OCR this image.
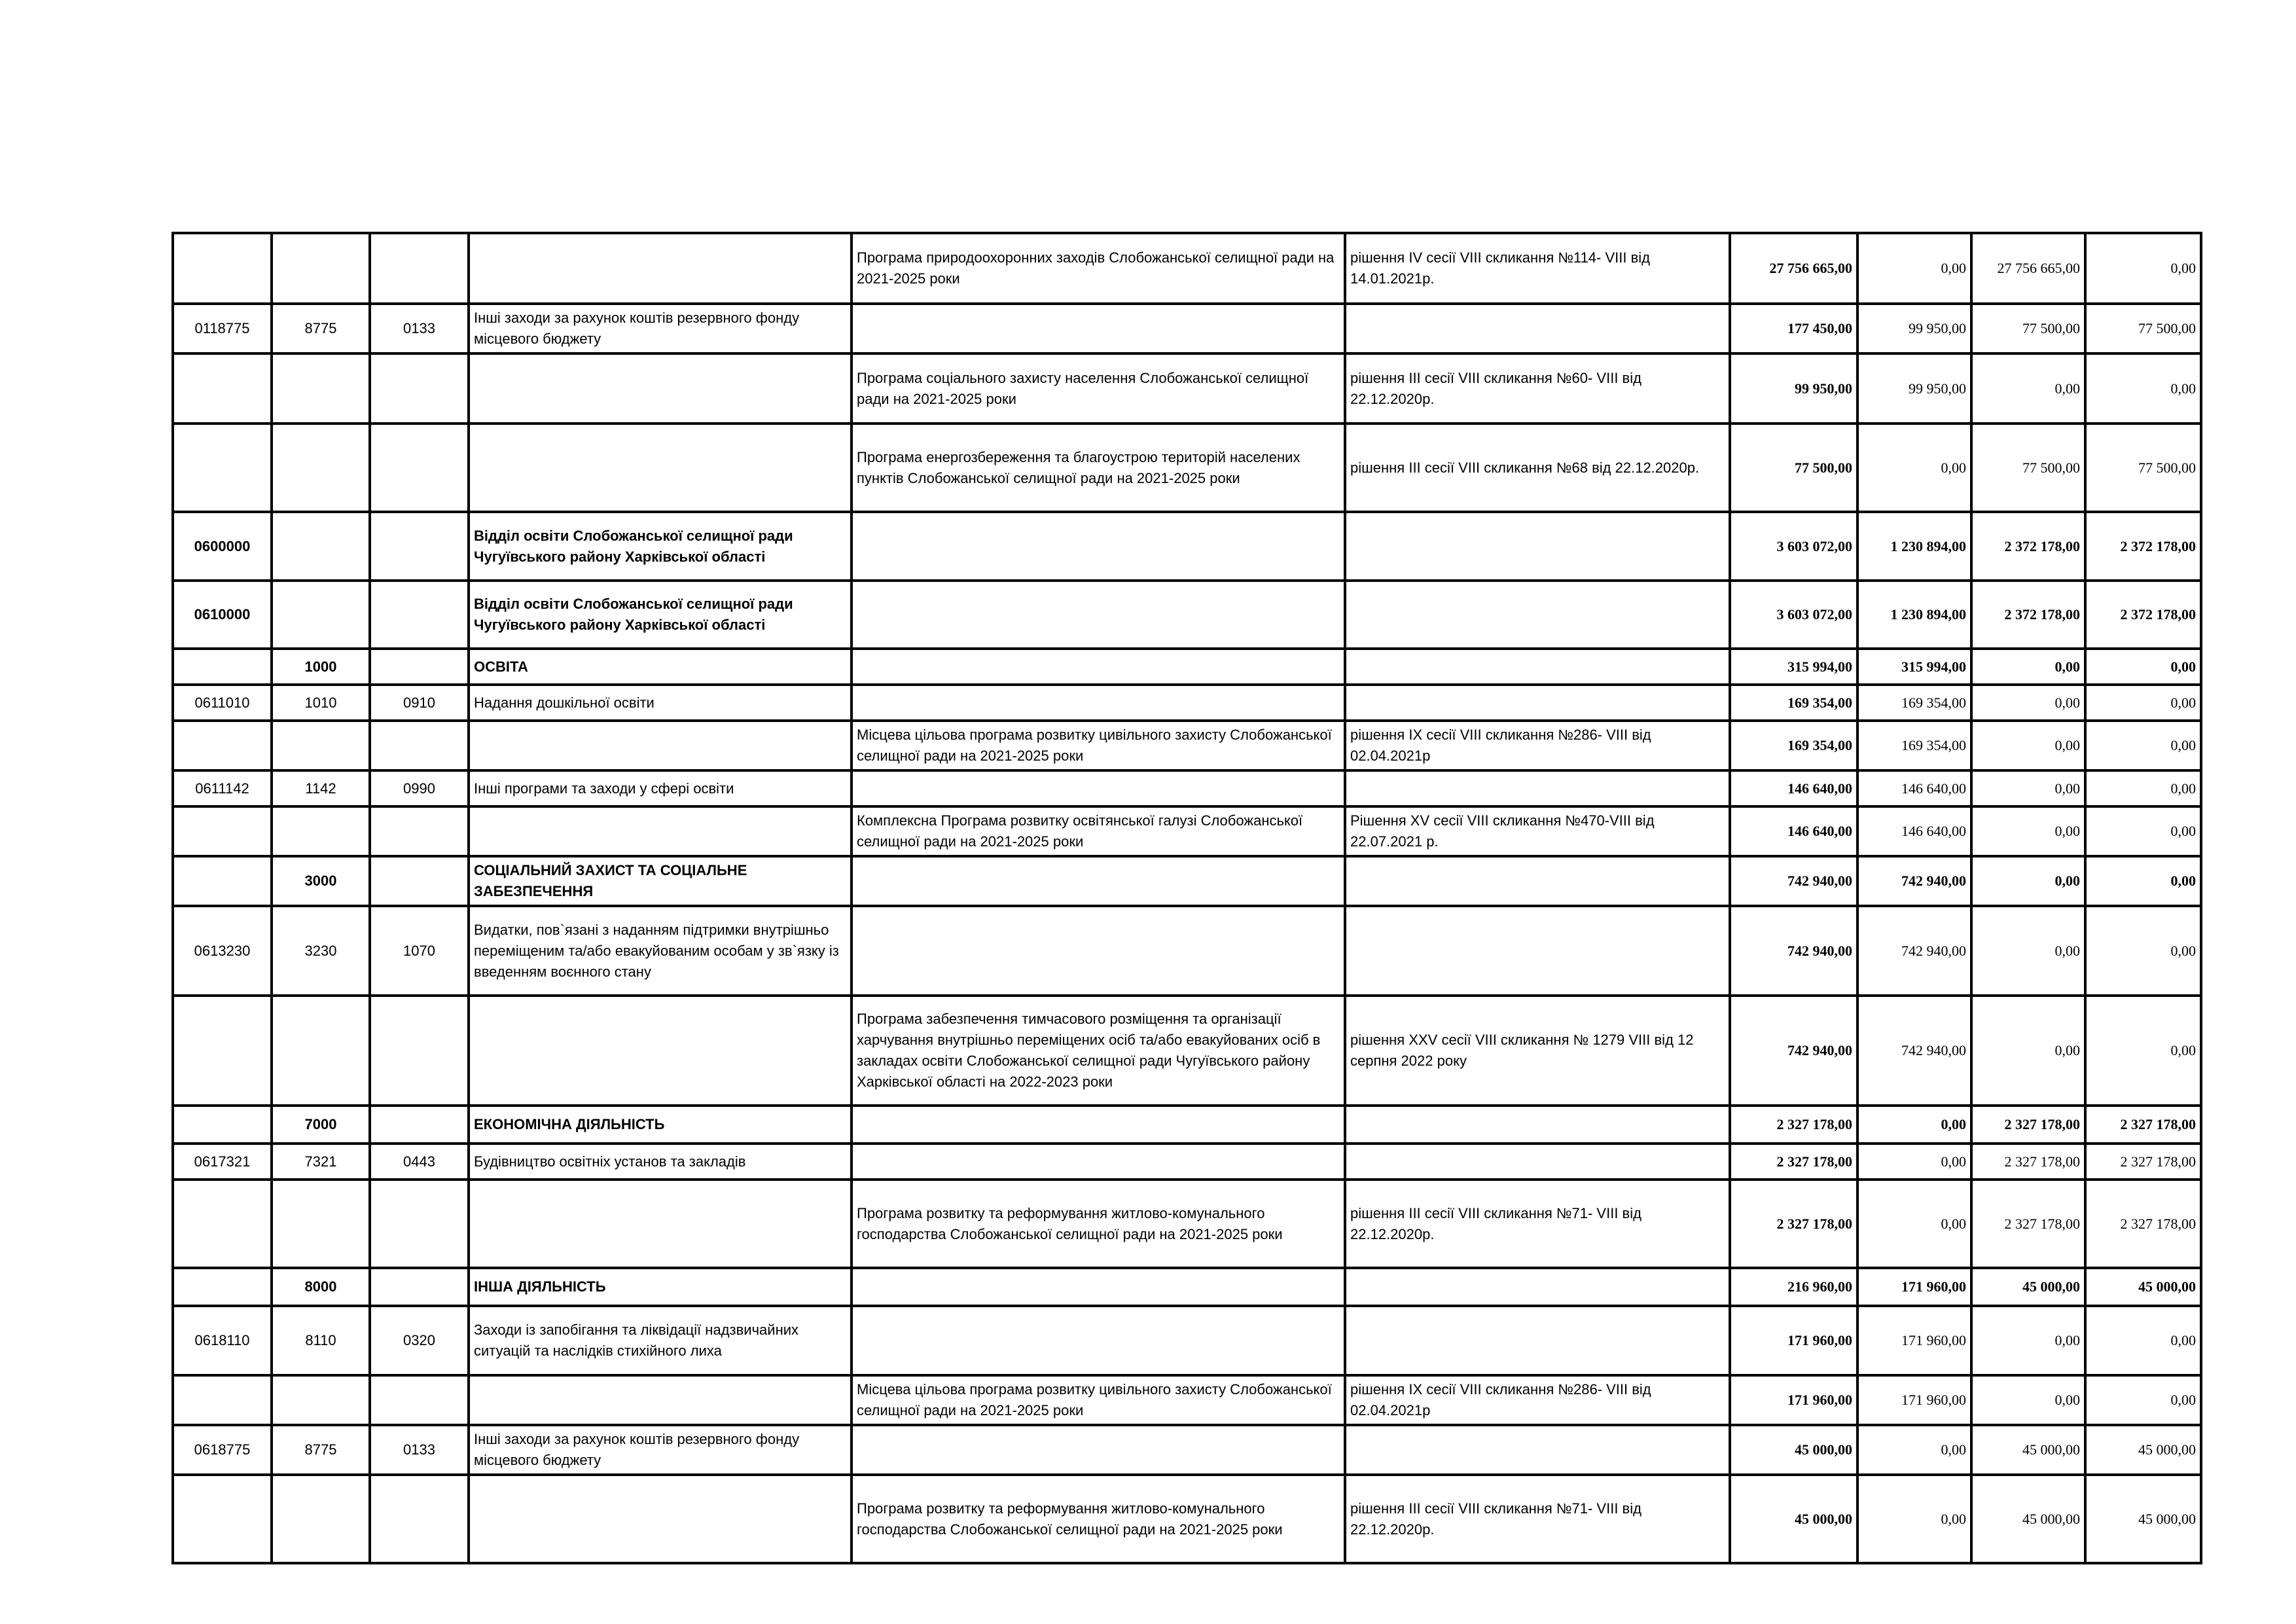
				Програма природоохоронних заходів Слобожанської селищної ради на 2021-2025 роки	рішення IV сесії VIII скликання №114- VIII від 14.01.2021р.	27 756 665,00	0,00	27 756 665,00	0,00
0118775	8775	0133	Інші заходи за рахунок коштів резервного фонду місцевого бюджету			177 450,00	99 950,00	77 500,00	77 500,00
				Програма соціального захисту населення Слобожанської селищної ради на 2021-2025 роки	рішення III сесії VIII скликання №60- VIII від 22.12.2020р.	99 950,00	99 950,00	0,00	0,00
				Програма енергозбереження та благоустрою територій населених пунктів Слобожанської селищної ради на 2021-2025 роки	рішення III сесії VIII скликання №68 від 22.12.2020р.	77 500,00	0,00	77 500,00	77 500,00
0600000			Відділ освіти Слобожанської селищної ради Чугуївського району Харківської області			3 603 072,00	1 230 894,00	2 372 178,00	2 372 178,00
0610000			Відділ освіти Слобожанської селищної ради Чугуївського району Харківської області			3 603 072,00	1 230 894,00	2 372 178,00	2 372 178,00
	1000		ОСВІТА			315 994,00	315 994,00	0,00	0,00
0611010	1010	0910	Надання дошкільної освіти			169 354,00	169 354,00	0,00	0,00
				Місцева цільова програма розвитку цивільного захисту Слобожанської селищної ради на 2021-2025 роки	рішення IX сесії VIII скликання №286- VIII від 02.04.2021р	169 354,00	169 354,00	0,00	0,00
0611142	1142	0990	Інші програми та заходи у сфері освіти			146 640,00	146 640,00	0,00	0,00
				Комплексна Програма розвитку освітянської галузі Слобожанської селищної ради на 2021-2025 роки	Рішення XV сесії VIII скликання №470-VIII від 22.07.2021 р.	146 640,00	146 640,00	0,00	0,00
	3000		СОЦІАЛЬНИЙ ЗАХИСТ ТА СОЦІАЛЬНЕ ЗАБЕЗПЕЧЕННЯ			742 940,00	742 940,00	0,00	0,00
0613230	3230	1070	Видатки, пов`язані з наданням підтримки внутрішньо переміщеним та/або евакуйованим особам у зв`язку із введенням воєнного стану			742 940,00	742 940,00	0,00	0,00
				Програма забезпечення тимчасового розміщення та організації харчування внутрішньо переміщених осіб та/або евакуйованих осіб в закладах освіти Слобожанської селищної ради Чугуївського району Харківської області на 2022-2023 роки	рішення XXV сесії VIII скликання № 1279 VIII від 12 серпня 2022 року	742 940,00	742 940,00	0,00	0,00
	7000		ЕКОНОМІЧНА ДІЯЛЬНІСТЬ			2 327 178,00	0,00	2 327 178,00	2 327 178,00
0617321	7321	0443	Будівництво освітніх установ та закладів			2 327 178,00	0,00	2 327 178,00	2 327 178,00
				Програма розвитку та реформування житлово-комунального господарства Слобожанської селищної ради на 2021-2025 роки	рішення III сесії VIII скликання №71- VIII від 22.12.2020р.	2 327 178,00	0,00	2 327 178,00	2 327 178,00
	8000		ІНША ДІЯЛЬНІСТЬ			216 960,00	171 960,00	45 000,00	45 000,00
0618110	8110	0320	Заходи із запобігання та ліквідації надзвичайних ситуацій та наслідків стихійного лиха			171 960,00	171 960,00	0,00	0,00
				Місцева цільова програма розвитку цивільного захисту Слобожанської селищної ради на 2021-2025 роки	рішення IX сесії VIII скликання №286- VIII від 02.04.2021р	171 960,00	171 960,00	0,00	0,00
0618775	8775	0133	Інші заходи за рахунок коштів резервного фонду місцевого бюджету			45 000,00	0,00	45 000,00	45 000,00
				Програма розвитку та реформування житлово-комунального господарства Слобожанської селищної ради на 2021-2025 роки	рішення III сесії VIII скликання №71- VIII від 22.12.2020р.	45 000,00	0,00	45 000,00	45 000,00
